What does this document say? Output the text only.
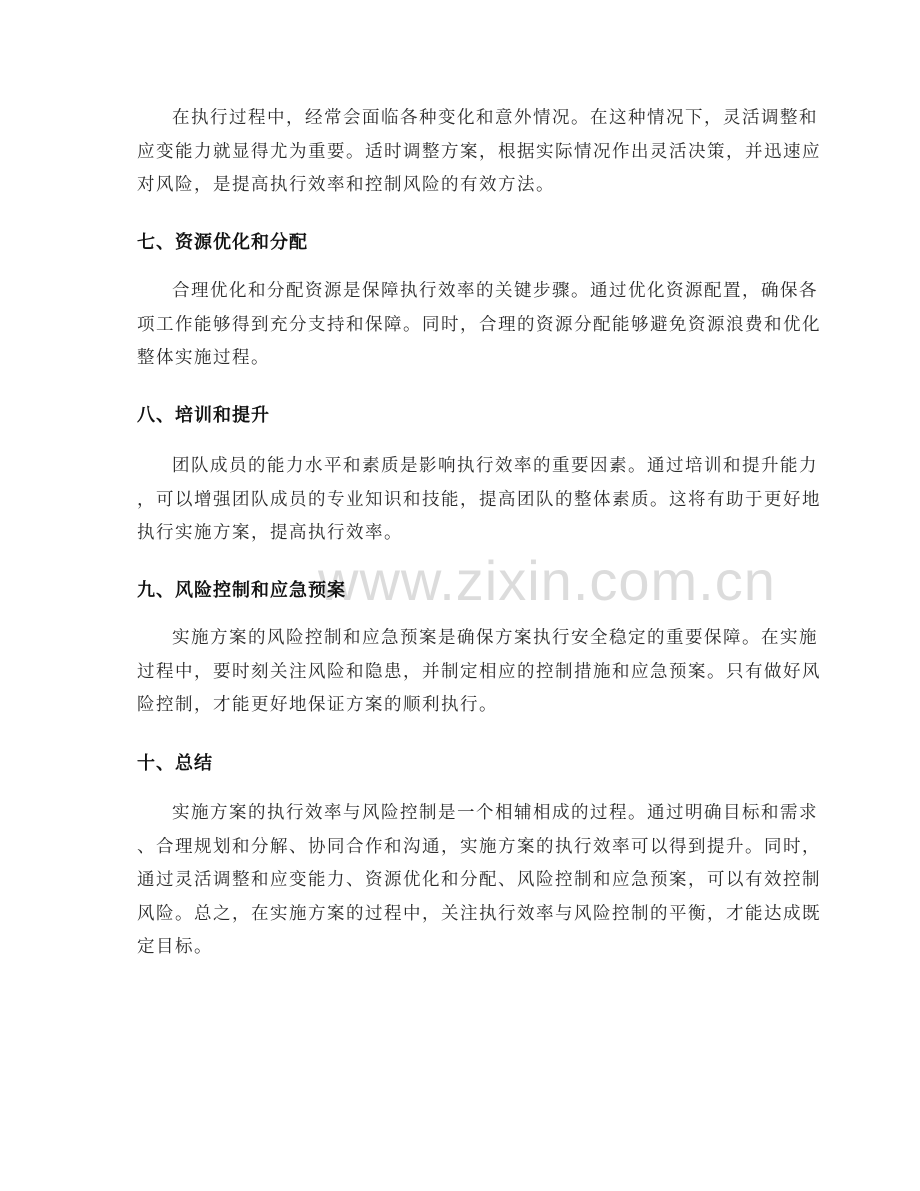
在执行过程中，经常会面临各种变化和意外情况。在这种情况下，灵活调整和
应变能力就显得尤为重要。适时调整方案，根据实际情况作出灵活决策，并迅速应
对风险，是提高执行效率和控制风险的有效方法。

七、资源优化和分配

合理优化和分配资源是保障执行效率的关键步骤。通过优化资源配置，确保各
项工作能够得到充分支持和保障。同时，合理的资源分配能够避免资源浪费和优化
整体实施过程。

八、培训和提升

团队成员的能力水平和素质是影响执行效率的重要因素。通过培训和提升能力
，可以增强团队成员的专业知识和技能，提高团队的整体素质。这将有助于更好地
执行实施方案，提高执行效率。

www.zixin.com.cn
九、风险控制和应急预案

实施方案的风险控制和应急预案是确保方案执行安全稳定的重要保障。在实施
过程中，要时刻关注风险和隐患，并制定相应的控制措施和应急预案。只有做好风
险控制，才能更好地保证方案的顺利执行。

十、总结

实施方案的执行效率与风险控制是一个相辅相成的过程。通过明确目标和需求
、合理规划和分解、协同合作和沟通，实施方案的执行效率可以得到提升。同时，
通过灵活调整和应变能力、资源优化和分配、风险控制和应急预案，可以有效控制
风险。总之，在实施方案的过程中，关注执行效率与风险控制的平衡，才能达成既
定目标。
